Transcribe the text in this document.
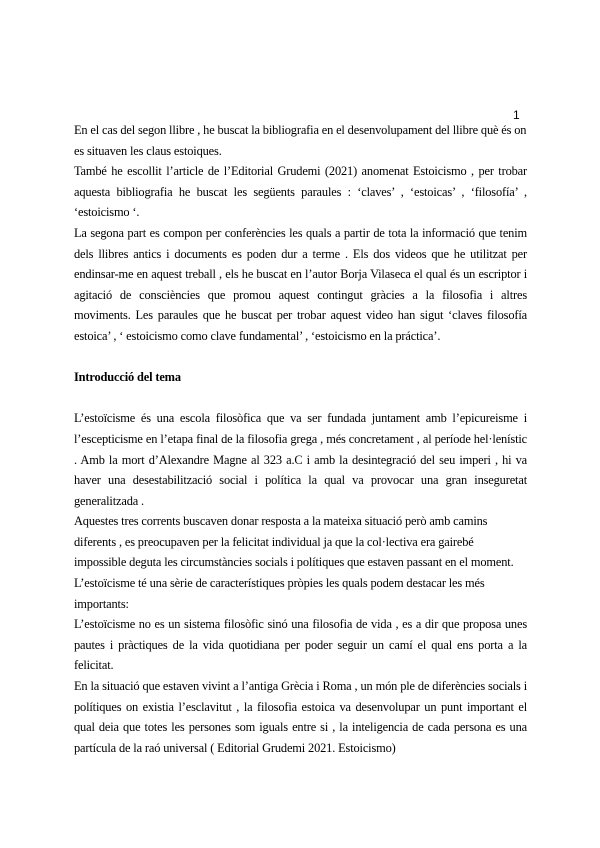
1

En el cas del segon llibre , he buscat la bibliografia en el desenvolupament del llibre què és on es situaven les claus estoiques.

També he escollit l’article de l’Editorial Grudemi (2021) anomenat Estoicismo , per trobar aquesta bibliografia he buscat les següents paraules : ‘claves’ , ‘estoicas’ , ‘filosofía’ , ‘estoicismo ‘.

La segona part es compon per conferències les quals a partir de tota la informació que tenim dels llibres antics i documents es poden dur a terme . Els dos videos que he utilitzat per endinsar-me en aquest treball , els he buscat en l’autor Borja Vilaseca el qual és un escriptor i agitació de consciències que promou aquest contingut gràcies a la filosofia i altres moviments. Les paraules que he buscat per trobar aquest video han sigut ‘claves filosofía estoica’ , ‘ estoicismo como clave fundamental’ , ‘estoicismo en la práctica’.

Introducció del tema

L’estoïcisme és una escola filosòfica que va ser fundada juntament amb l’epicureisme i l’escepticisme en l’etapa final de la filosofia grega , més concretament , al període hel·lenístic . Amb la mort d’Alexandre Magne al 323 a.C i amb la desintegració del seu imperi , hi va haver una desestabilització social i política la qual va provocar una gran inseguretat generalitzada .

Aquestes tres corrents buscaven donar resposta a la mateixa situació però amb camins diferents , es preocupaven per la felicitat individual ja que la col·lectiva era gairebé impossible deguta les circumstàncies socials i polítiques que estaven passant en el moment.

L’estoïcisme té una sèrie de característiques pròpies les quals podem destacar les més importants:

L’estoïcisme no es un sistema filosòfic sinó una filosofia de vida , es a dir que proposa unes pautes i pràctiques de la vida quotidiana per poder seguir un camí el qual ens porta a la felicitat.

En la situació que estaven vivint a l’antiga Grècia i Roma , un món ple de diferències socials i polítiques on existia l’esclavitut , la filosofia estoica va desenvolupar un punt important el qual deia que totes les persones som iguals entre si , la inteligencia de cada persona es una partícula de la raó universal ( Editorial Grudemi 2021. Estoicismo)
